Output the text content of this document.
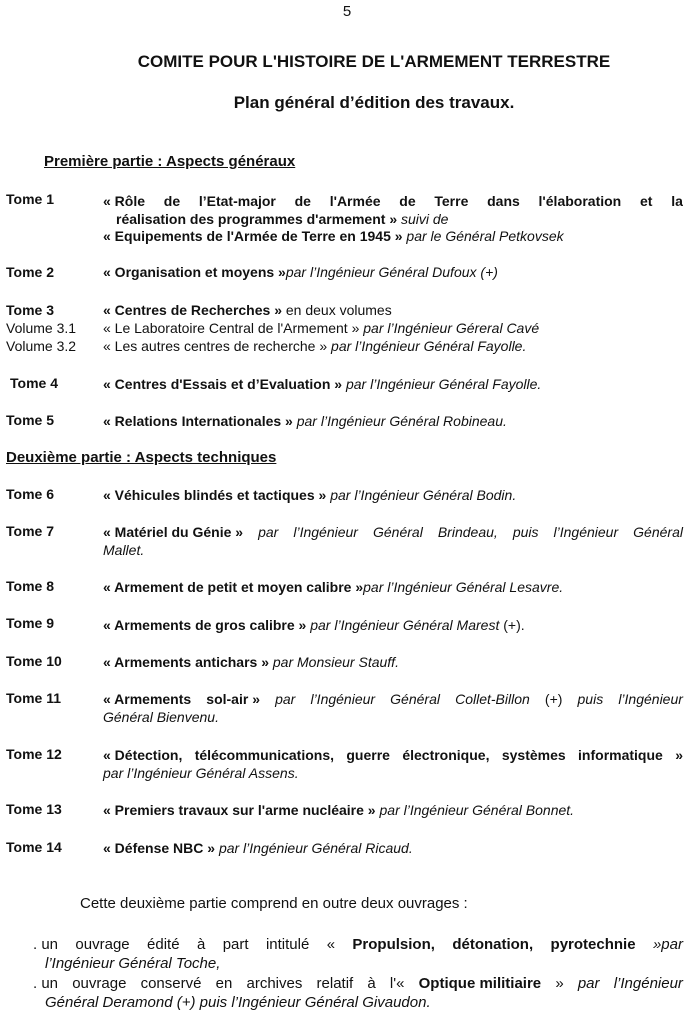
5
COMITE POUR L'HISTOIRE DE L'ARMEMENT TERRESTRE
Plan général d’édition des travaux.
Première partie : Aspects généraux
Tome 1	« Rôle de l’Etat-major de l'Armée de Terre dans l'élaboration et la
réalisation des programmes d'armement » suivi de
« Equipements de l'Armée de Terre en 1945 » par le Général Petkovsek
Tome 2	« Organisation et moyens »par l’Ingénieur Général Dufoux (+)
Tome 3	« Centres de Recherches » en deux volumes
Volume 3.1 « Le Laboratoire Central de l'Armement » par l’Ingénieur Géreral Cavé
Volume 3.2 « Les autres centres de recherche » par l’Ingénieur Général Fayolle.
Tome 4	« Centres d'Essais et d’Evaluation » par l’Ingénieur Général Fayolle.
Tome 5	« Relations Internationales » par l’Ingénieur Général Robineau.
Deuxième partie : Aspects techniques
Tome 6	« Véhicules blindés et tactiques » par l’Ingénieur Général Bodin.
Tome 7	« Matériel du Génie » par l’Ingénieur Général Brindeau, puis l’Ingénieur Général
Mallet.
Tome 8	« Armement de petit et moyen calibre »par l’Ingénieur Général Lesavre.
Tome 9	« Armements de gros calibre » par l’Ingénieur Général Marest (+).
Tome 10	« Armements antichars » par Monsieur Stauff.
Tome 11	« Armements sol-air » par l’Ingénieur Général Collet-Billon (+) puis l’Ingénieur
Général Bienvenu.
Tome 12	« Détection, télécommunications, guerre électronique, systèmes informatique »
par l’Ingénieur Général Assens.
Tome 13	« Premiers travaux sur l'arme nucléaire » par l’Ingénieur Général Bonnet.
Tome 14	« Défense NBC » par l’Ingénieur Général Ricaud.
Cette deuxième partie comprend en outre deux ouvrages :
. un ouvrage édité à part intitulé « Propulsion, détonation, pyrotechnie »par
l’Ingénieur Général Toche,
. un ouvrage conservé en archives relatif à l'« Optique militiaire » par l’Ingénieur
Général Deramond (+) puis l’Ingénieur Général Givaudon.
